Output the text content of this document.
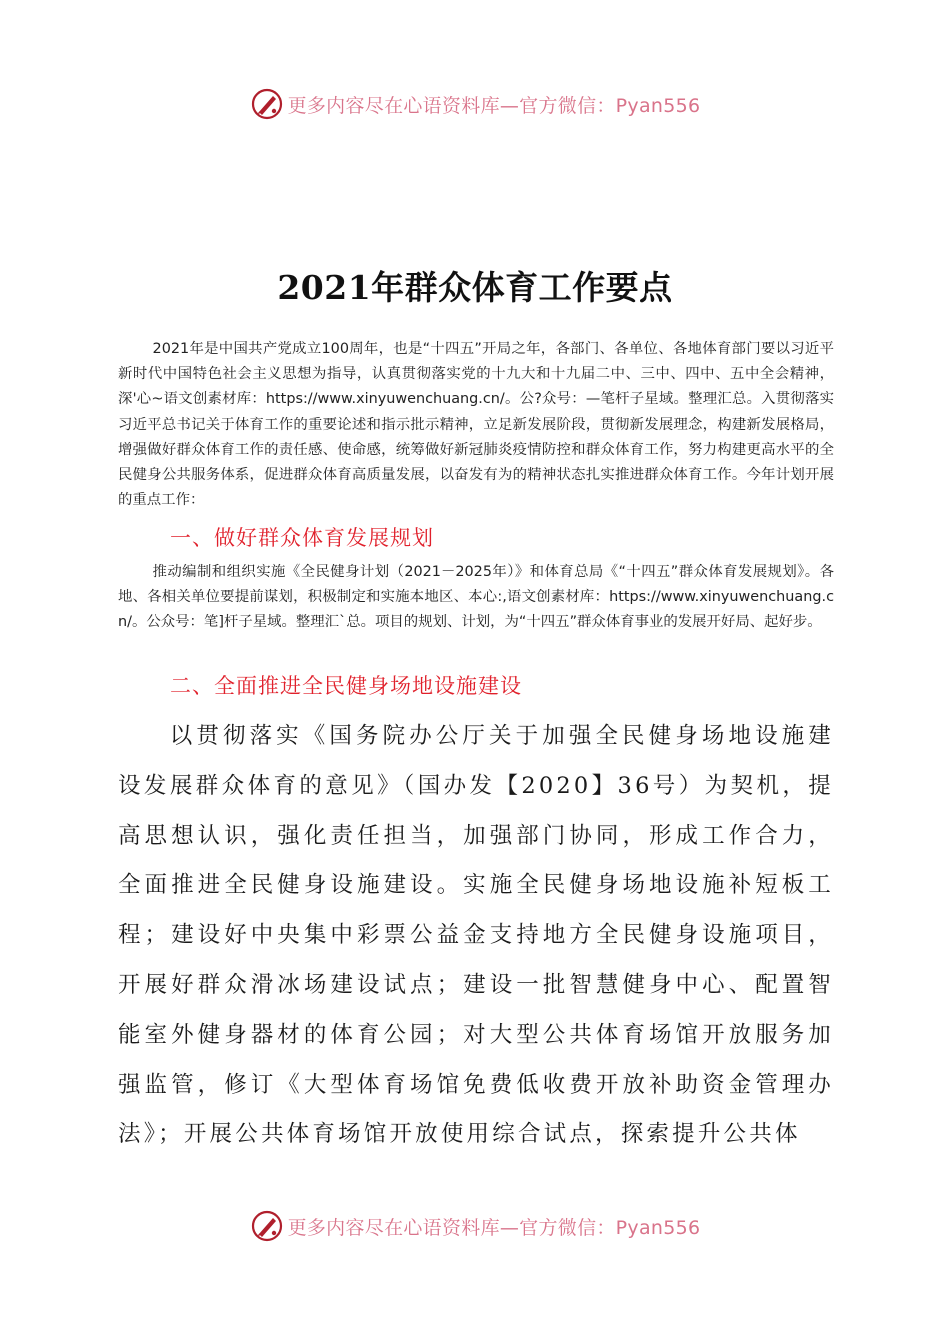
更多内容尽在心语资料库—官方微信：Pyan556
2021年群众体育工作要点

2021年是中国共产党成立100周年，也是“十四五”开局之年，各部门、各单位、各地体育部门要以习近平新时代中国特色社会主义思想为指导，认真贯彻落实党的十九大和十九届二中、三中、四中、五中全会精神，深'心~语文创素材库：https://www.xinyuwenchuang.cn/。公?众号：—笔杆子星域。整理汇总。入贯彻落实习近平总书记关于体育工作的重要论述和指示批示精神，立足新发展阶段，贯彻新发展理念，构建新发展格局，增强做好群众体育工作的责任感、使命感，统筹做好新冠肺炎疫情防控和群众体育工作，努力构建更高水平的全民健身公共服务体系，促进群众体育高质量发展，以奋发有为的精神状态扎实推进群众体育工作。今年计划开展的重点工作：

一、做好群众体育发展规划

推动编制和组织实施《全民健身计划（2021－2025年）》和体育总局《“十四五”群众体育发展规划》。各地、各相关单位要提前谋划，积极制定和实施本地区、本心:,语文创素材库：https://www.xinyuwenchuang.cn/。公众号：笔]杆子星域。整理汇`总。项目的规划、计划，为“十四五”群众体育事业的发展开好局、起好步。

二、全面推进全民健身场地设施建设

以贯彻落实《国务院办公厅关于加强全民健身场地设施建设发展群众体育的意见》（国办发【2020】36号）为契机，提高思想认识，强化责任担当，加强部门协同，形成工作合力，全面推进全民健身设施建设。实施全民健身场地设施补短板工程；建设好中央集中彩票公益金支持地方全民健身设施项目，开展好群众滑冰场建设试点；建设一批智慧健身中心、配置智能室外健身器材的体育公园；对大型公共体育场馆开放服务加强监管，修订《大型体育场馆免费低收费开放补助资金管理办法》；开展公共体育场馆开放使用综合试点，探索提升公共体

更多内容尽在心语资料库—官方微信：Pyan556
